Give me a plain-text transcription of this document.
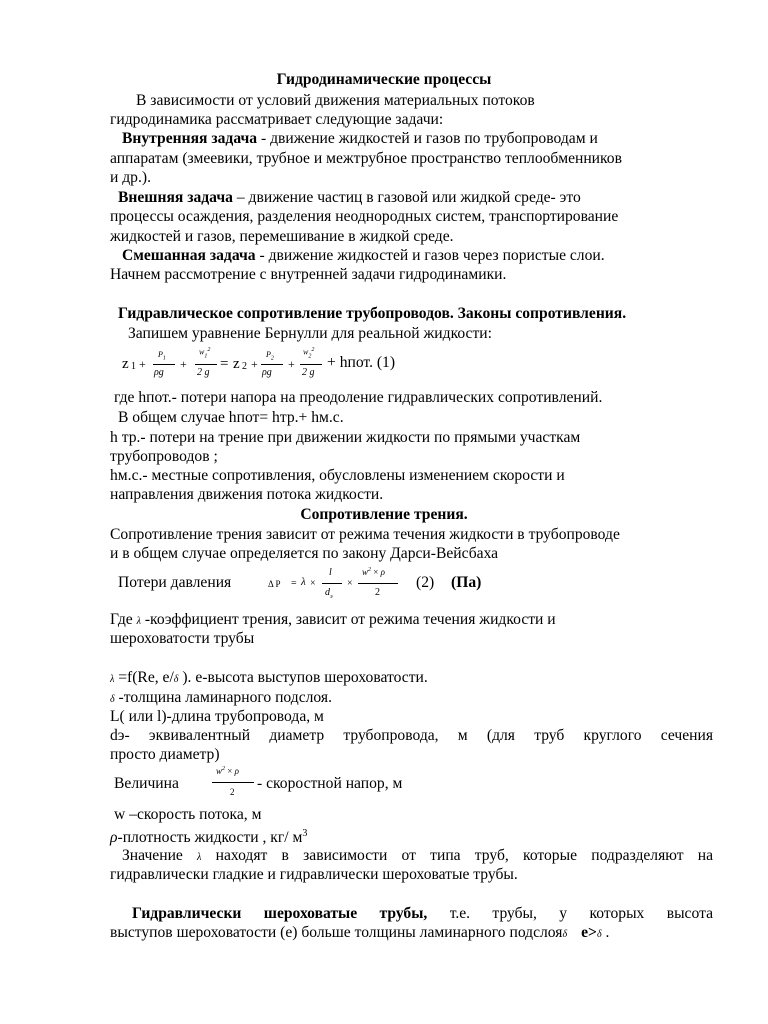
Гидродинамические процессы
В зависимости от условий движения материальных потоков
гидродинамика рассматривает следующие задачи:
Внутренняя задача - движение жидкостей и газов по трубопроводам и
аппаратам (змеевики, трубное и межтрубное пространство теплообменников
и др.).
Внешняя задача – движение частиц в газовой или жидкой среде- это
процессы осаждения, разделения неоднородных систем, транспортирование
жидкостей и газов, перемешивание в жидкой среде.
Смешанная задача - движение жидкостей и газов через пористые слои.
Начнем рассмотрение с внутренней задачи гидродинамики.
Гидравлическое сопротивление трубопроводов. Законы сопротивления.
Запишем уравнение Бернулли для реальной жидкости:
z 1 +
$P_1$
ρg
+
$w_1^2$
2 g
= z 2 +
$P_2$
ρg
+
$w_2^2$
2 g
+ hпот. (1)
где hпот.- потери напора на преодоление гидравлических сопротивлений.
В общем случае hпот= hтр.+ hм.с.
h тр.- потери на трение при движении жидкости по прямыми участкам
трубопроводов ;
hм.с.- местные сопротивления, обусловлены изменением скорости и
направления движения потока жидкости.
Сопротивление трения.
Сопротивление трения зависит от режима течения жидкости в трубопроводе
и в общем случае определяется по закону Дарси-Вейсбаха
Потери давления	Δ P = λ ×
l
$d_э$
×
$w^2 \times \rho$
2
(2) (Па)
Где λ -коэффициент трения, зависит от режима течения жидкости и
шероховатости трубы
λ =f(Re, e/δ ). e-высота выступов шероховатости.
δ -толщина ламинарного подслоя.
L( или l)-длина трубопровода, м
dэ- эквивалентный диаметр трубопровода, м (для труб круглого сечения
просто диаметр)
Величина
$w^2 \times \rho$
2 - скоростной напор, м
w –скорость потока, м
ρ-плотность жидкости , кг/ $м^3$
Значение λ находят в зависимости от типа труб, которые подразделяют на
гидравлически гладкие и гидравлически шероховатые трубы.
Гидравлически шероховатые трубы, т.е. трубы, у которых высота
выступов шероховатости (е) больше толщины ламинарного подслояδ e>δ .
